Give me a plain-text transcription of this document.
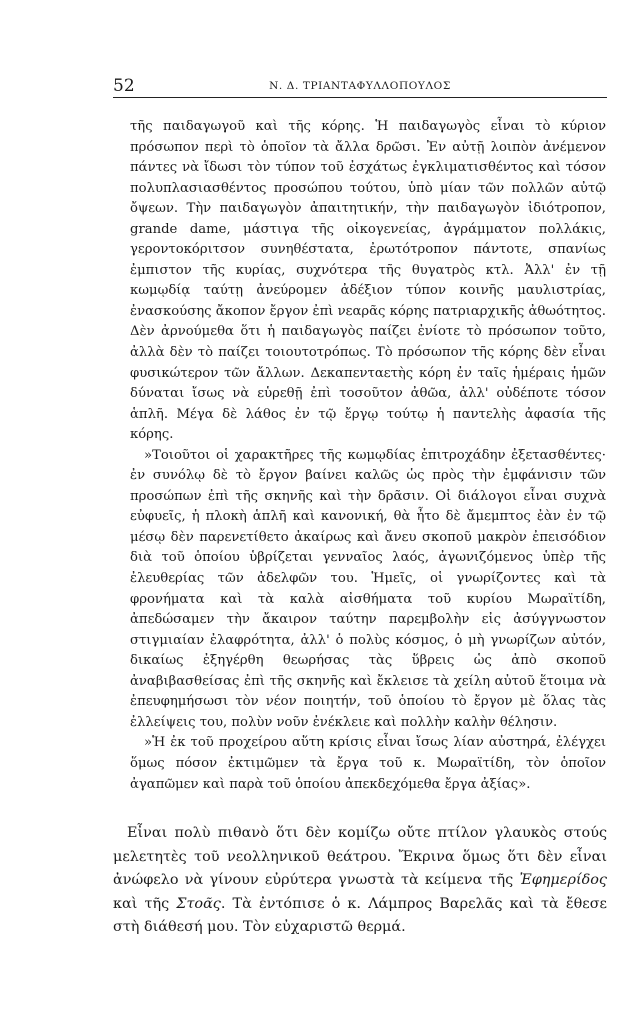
52	Ν. Δ. ΤΡΙΑΝΤΑΦΥΛΛΟΠΟΥΛΟΣ

τῆς παιδαγωγοῦ καὶ τῆς κόρης. Ἡ παιδαγωγὸς εἶναι τὸ κύριον πρόσωπον περὶ τὸ ὁποῖον τὰ ἄλλα δρῶσι. Ἐν αὐτῇ λοιπὸν ἀνέμενον πάντες νὰ ἴδωσι τὸν τύπον τοῦ ἐσχάτως ἐγκλιματισθέντος καὶ τόσον πολυπλασιασθέντος προσώπου τούτου, ὑπὸ μίαν τῶν πολλῶν αὐτῷ ὄψεων. Τὴν παιδαγωγὸν ἀπαιτητικήν, τὴν παιδαγωγὸν ἰδιότροπον, grande dame, μάστιγα τῆς οἰκογενείας, ἀγράμματον πολλάκις, γεροντοκόριτσον συνηθέστατα, ἐρωτότροπον πάντοτε, σπανίως ἐμπιστον τῆς κυρίας, συχνότερα τῆς θυγατρὸς κτλ. Ἀλλ' ἐν τῇ κωμῳδίᾳ ταύτῃ ἀνεύρομεν ἀδέξιον τύπον κοινῆς μαυλιστρίας, ἐνασκούσης ἄκοπον ἔργον ἐπὶ νεαρᾶς κόρης πατριαρχικῆς ἀθωότητος. Δὲν ἀρνούμεθα ὅτι ἡ παιδαγωγὸς παίζει ἐνίοτε τὸ πρόσωπον τοῦτο, ἀλλὰ δὲν τὸ παίζει τοιουτοτρόπως. Τὸ πρόσωπον τῆς κόρης δὲν εἶναι φυσικώτερον τῶν ἄλλων. Δεκαπενταετὴς κόρη ἐν ταῖς ἡμέραις ἡμῶν δύναται ἴσως νὰ εὑρεθῇ ἐπὶ τοσοῦτον ἀθῶα, ἀλλ' οὐδέποτε τόσον ἁπλῆ. Μέγα δὲ λάθος ἐν τῷ ἔργῳ τούτῳ ἡ παντελὴς ἀφασία τῆς κόρης.

»Τοιοῦτοι οἱ χαρακτῆρες τῆς κωμῳδίας ἐπιτροχάδην ἐξετασθέντες· ἐν συνόλῳ δὲ τὸ ἔργον βαίνει καλῶς ὡς πρὸς τὴν ἐμφάνισιν τῶν προσώπων ἐπὶ τῆς σκηνῆς καὶ τὴν δρᾶσιν. Οἱ διάλογοι εἶναι συχνὰ εὐφυεῖς, ἡ πλοκὴ ἁπλῆ καὶ κανονική, θὰ ἦτο δὲ ἄμεμπτος ἐὰν ἐν τῷ μέσῳ δὲν παρενετίθετο ἀκαίρως καὶ ἄνευ σκοποῦ μακρὸν ἐπεισόδιον διὰ τοῦ ὁποίου ὑβρίζεται γενναῖος λαός, ἀγωνιζόμενος ὑπὲρ τῆς ἐλευθερίας τῶν ἀδελφῶν του. Ἡμεῖς, οἱ γνωρίζοντες καὶ τὰ φρονήματα καὶ τὰ καλὰ αἰσθήματα τοῦ κυρίου Μωραϊτίδη, ἀπεδώσαμεν τὴν ἄκαιρον ταύτην παρεμβολὴν εἰς ἀσύγγνωστον στιγμιαίαν ἐλαφρότητα, ἀλλ' ὁ πολὺς κόσμος, ὁ μὴ γνωρίζων αὐτόν, δικαίως ἐξηγέρθη θεωρήσας τὰς ὕβρεις ὡς ἀπὸ σκοποῦ ἀναβιβασθείσας ἐπὶ τῆς σκηνῆς καὶ ἔκλεισε τὰ χείλη αὐτοῦ ἕτοιμα νὰ ἐπευφημήσωσι τὸν νέον ποιητήν, τοῦ ὁποίου τὸ ἔργον μὲ ὅλας τὰς ἐλλείψεις του, πολὺν νοῦν ἐνέκλειε καὶ πολλὴν καλὴν θέλησιν.

»Ἡ ἐκ τοῦ προχείρου αὕτη κρίσις εἶναι ἴσως λίαν αὐστηρά, ἐλέγχει ὅμως πόσον ἐκτιμῶμεν τὰ ἔργα τοῦ κ. Μωραϊτίδη, τὸν ὁποῖον ἀγαπῶμεν καὶ παρὰ τοῦ ὁποίου ἀπεκδεχόμεθα ἔργα ἀξίας».

Εἶναι πολὺ πιθανὸ ὅτι δὲν κομίζω οὔτε πτίλον γλαυκὸς στούς μελετητὲς τοῦ νεολληνικοῦ θεάτρου. Ἔκρινα ὅμως ὅτι δὲν εἶναι ἀνώφελο νὰ γίνουν εὐρύτερα γνωστὰ τὰ κείμενα τῆς Ἐφημερίδος καὶ τῆς Στοᾶς. Τὰ ἐντόπισε ὁ κ. Λάμπρος Βαρελᾶς καὶ τὰ ἔθεσε στὴ διάθεσή μου. Τὸν εὐχαριστῶ θερμά.
